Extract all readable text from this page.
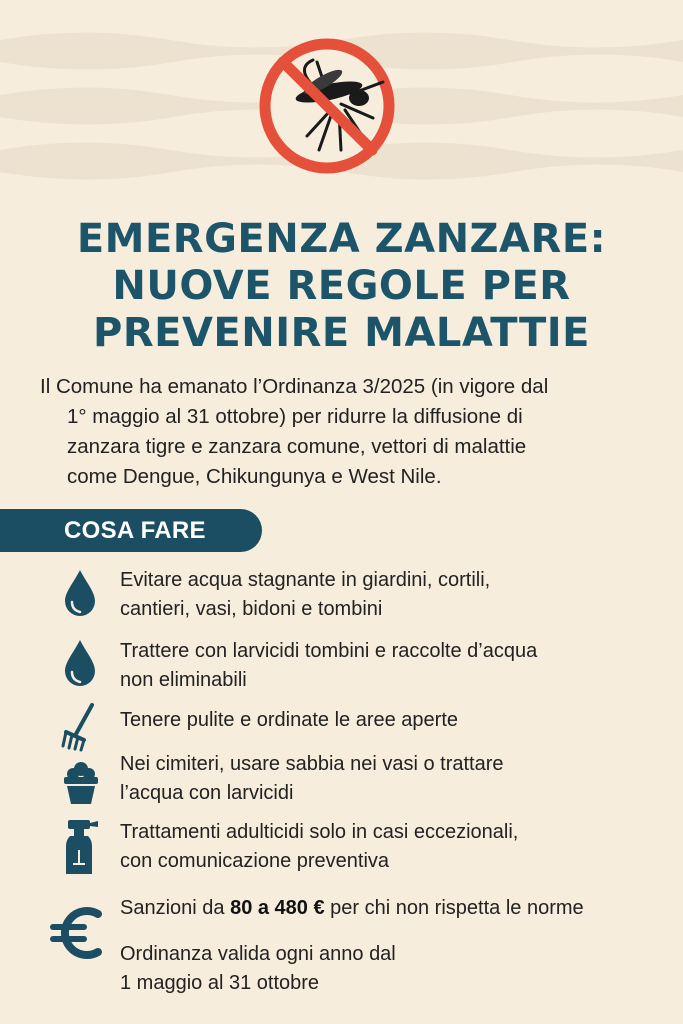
EMERGENZA ZANZARE:
NUOVE REGOLE PER
PREVENIRE MALATTIE
Il Comune ha emanato l’Ordinanza 3/2025 (in vigore dal
1° maggio al 31 ottobre) per ridurre la diffusione di
zanzara tigre e zanzara comune, vettori di malattie
come Dengue, Chikungunya e West Nile.
COSA FARE
Evitare acqua stagnante in giardini, cortili,
cantieri, vasi, bidoni e tombini
Trattere con larvicidi tombini e raccolte d’acqua
non eliminabili
Tenere pulite e ordinate le aree aperte
Nei cimiteri, usare sabbia nei vasi o trattare
l’acqua con larvicidi
Trattamenti adulticidi solo in casi eccezionali,
con comunicazione preventiva
Sanzioni da 80 a 480 € per chi non rispetta le norme
Ordinanza valida ogni anno dal
1 maggio al 31 ottobre
